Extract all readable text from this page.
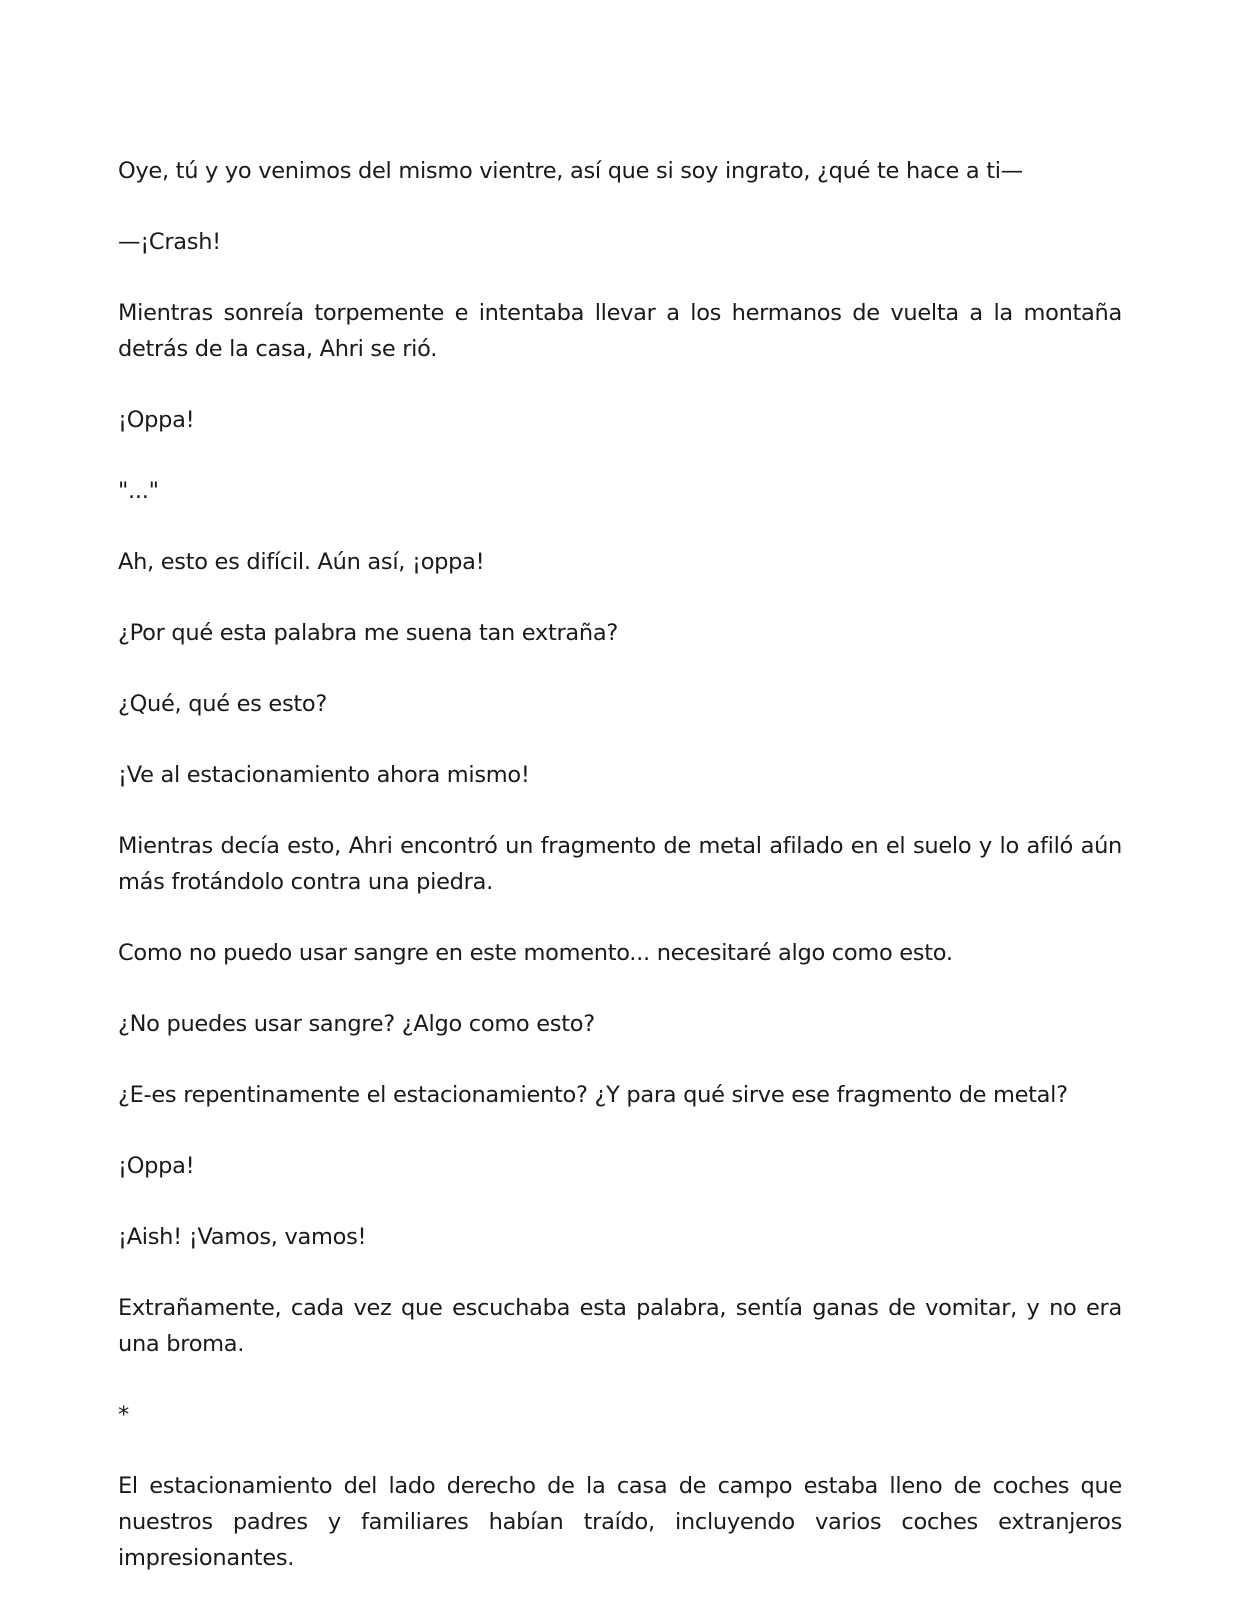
Oye, tú y yo venimos del mismo vientre, así que si soy ingrato, ¿qué te hace a ti—

—¡Crash!

Mientras sonreía torpemente e intentaba llevar a los hermanos de vuelta a la montaña detrás de la casa, Ahri se rió.

¡Oppa!

"..."

Ah, esto es difícil. Aún así, ¡oppa!

¿Por qué esta palabra me suena tan extraña?

¿Qué, qué es esto?

¡Ve al estacionamiento ahora mismo!

Mientras decía esto, Ahri encontró un fragmento de metal afilado en el suelo y lo afiló aún más frotándolo contra una piedra.

Como no puedo usar sangre en este momento... necesitaré algo como esto.

¿No puedes usar sangre? ¿Algo como esto?

¿E-es repentinamente el estacionamiento? ¿Y para qué sirve ese fragmento de metal?

¡Oppa!

¡Aish! ¡Vamos, vamos!

Extrañamente, cada vez que escuchaba esta palabra, sentía ganas de vomitar, y no era una broma.

*

El estacionamiento del lado derecho de la casa de campo estaba lleno de coches que nuestros padres y familiares habían traído, incluyendo varios coches extranjeros impresionantes.
